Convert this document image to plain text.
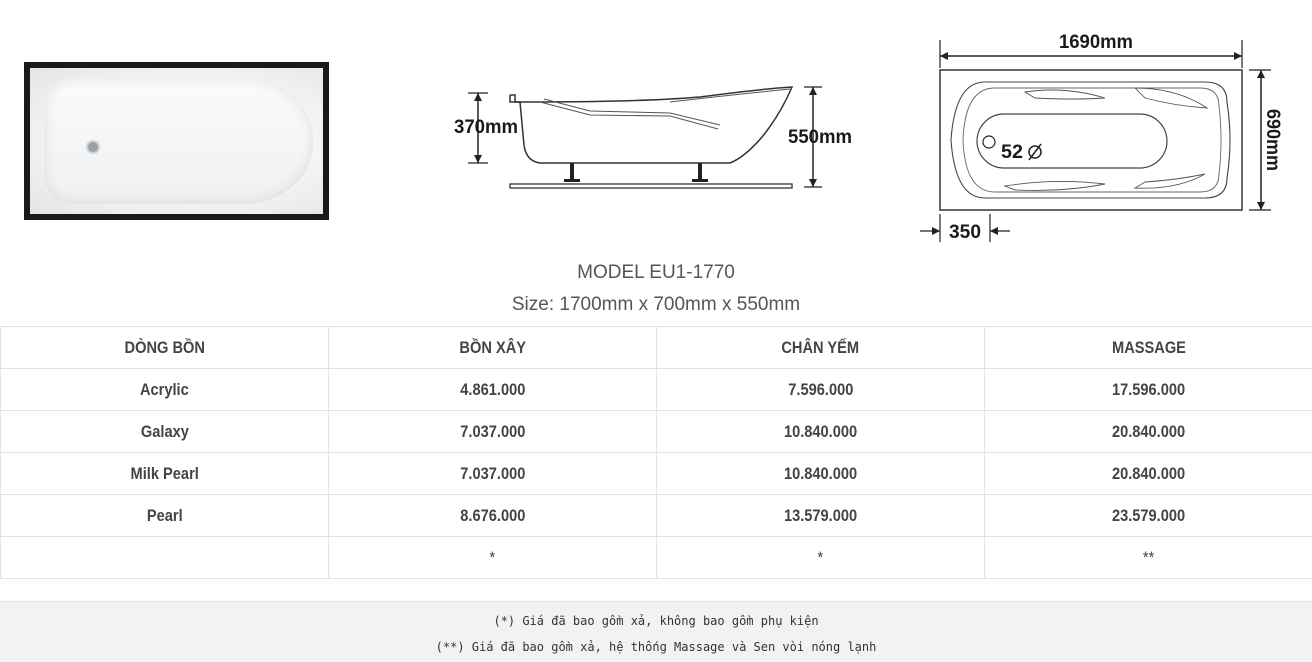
370mm	550mm
1690mm
52	690mm
350
MODEL EU1-1770
Size: 1700mm x 700mm x 550mm
DÒNG BỒN	BỒN XÂY	CHÂN YẾM	MASSAGE
Acrylic	4.861.000	7.596.000	17.596.000
Galaxy	7.037.000	10.840.000	20.840.000
Milk Pearl	7.037.000	10.840.000	20.840.000
Pearl	8.676.000	13.579.000	23.579.000
	*	*	**
(*) Giá đã bao gồm xả, không bao gồm phụ kiện
(**) Giá đã bao gồm xả, hệ thống Massage và Sen vòi nóng lạnh
